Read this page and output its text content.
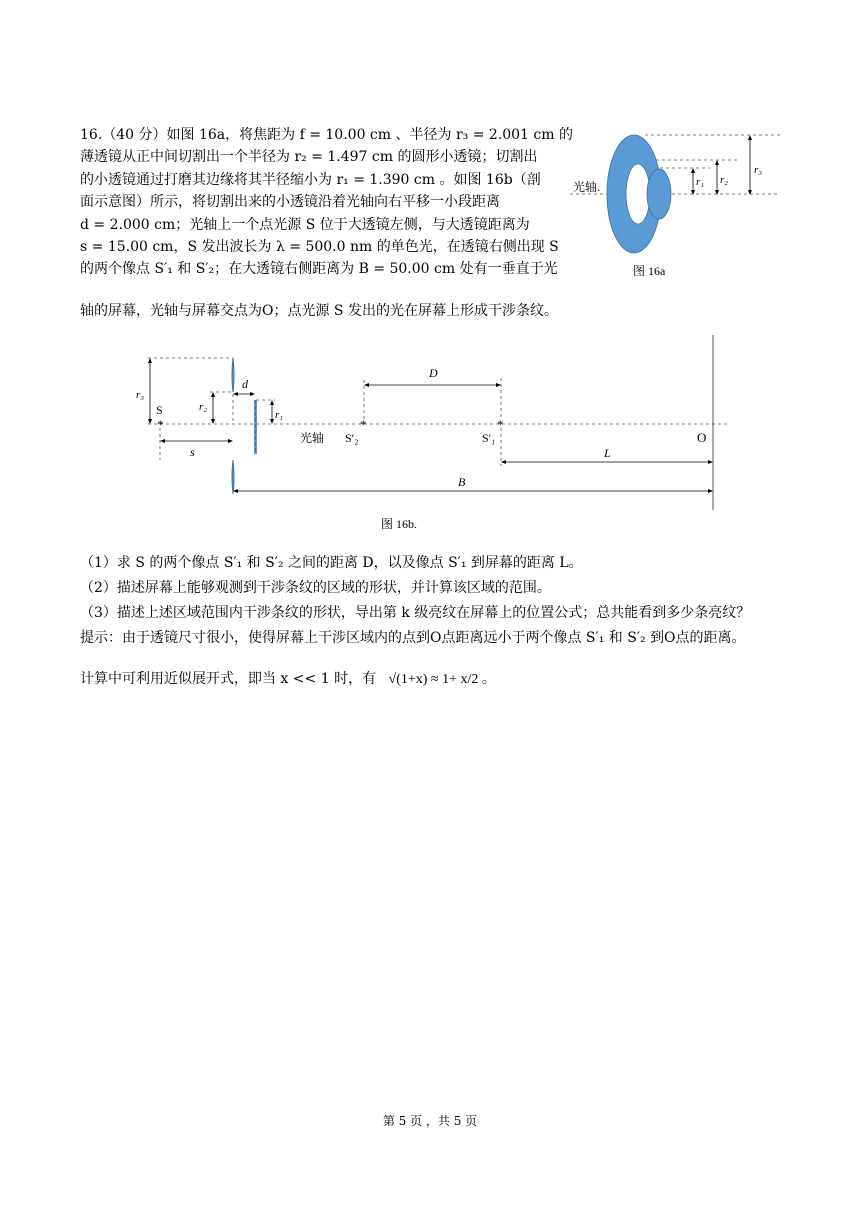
16.（40 分）如图 16a，将焦距为 f = 10.00 cm 、半径为 r₃ = 2.001 cm 的
薄透镜从正中间切割出一个半径为 r₂ = 1.497 cm 的圆形小透镜；切割出
的小透镜通过打磨其边缘将其半径缩小为 r₁ = 1.390 cm 。如图 16b（剖
面示意图）所示，将切割出来的小透镜沿着光轴向右平移一小段距离
d = 2.000 cm；光轴上一个点光源 S 位于大透镜左侧，与大透镜距离为
s = 15.00 cm，S 发出波长为 λ = 500.0 nm 的单色光，在透镜右侧出现 S
的两个像点 S′₁ 和 S′₂；在大透镜右侧距离为 B = 50.00 cm 处有一垂直于光
轴的屏幕，光轴与屏幕交点为O；点光源 S 发出的光在屏幕上形成干涉条纹。
r₁ r₂
r₃
光轴.
图 16a
r₃
r₂
r₁
d
*
S
s
B
光轴
*
S′₂
*
S′₁
D
L
O
图 16b.
（1）求 S 的两个像点 S′₁ 和 S′₂ 之间的距离 D，以及像点 S′₁ 到屏幕的距离 L。
（2）描述屏幕上能够观测到干涉条纹的区域的形状，并计算该区域的范围。
（3）描述上述区域范围内干涉条纹的形状，导出第 k 级亮纹在屏幕上的位置公式；总共能看到多少条亮纹？
提示：由于透镜尺寸很小，使得屏幕上干涉区域内的点到O点距离远小于两个像点 S′₁ 和 S′₂ 到O点的距离。
计算中可利用近似展开式，即当 x << 1 时，有 √(1+x) ≈ 1+ x/2 。
第 5 页 ，共 5 页
